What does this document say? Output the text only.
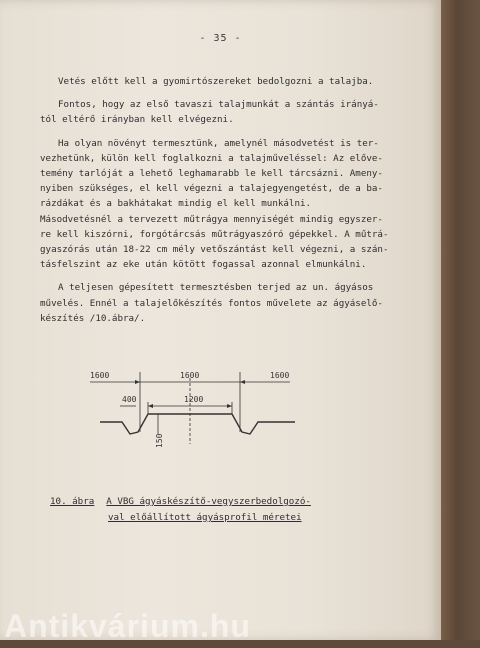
- 35 -

Vetés előtt kell a gyomirtószereket bedolgozni a talajba.

Fontos, hogy az első tavaszi talajmunkát a szántás irányá-
tól eltérő irányban kell elvégezni.

Ha olyan növényt termesztünk, amelynél másodvetést is ter-
vezhetünk, külön kell foglalkozni a talajműveléssel: Az elővе-
temény tarlóját a lehető leghamarabb le kell tárcsázni. Ameny-
nyiben szükséges, el kell végezni a talajegyengetést, de a ba-
rázdákat és a bakhátakat mindig el kell munkálni.
Másodvetésnél a tervezett műtrágya mennyiségét mindig egyszer-
re kell kiszórni, forgótárcsás műtrágyaszóró gépekkel. A műtrá-
gyaszórás után 18-22 cm mély vetőszántást kell végezni, a szán-
tásfelszint az eke után kötött fogassal azonnal elmunkálni.

A teljesen gépesített termesztésben terjed az un. ágyásos
művelés. Ennél a talajelőkészítés fontos művelete az ágyáselő-
készítés /10.ábra/.

1600	1600	1600
400	1200
150
10. ábra A VBG ágyáskészítő-vegyszerbedolgozó-
val előállított ágyásprofil méretei
Antikvárium.hu
